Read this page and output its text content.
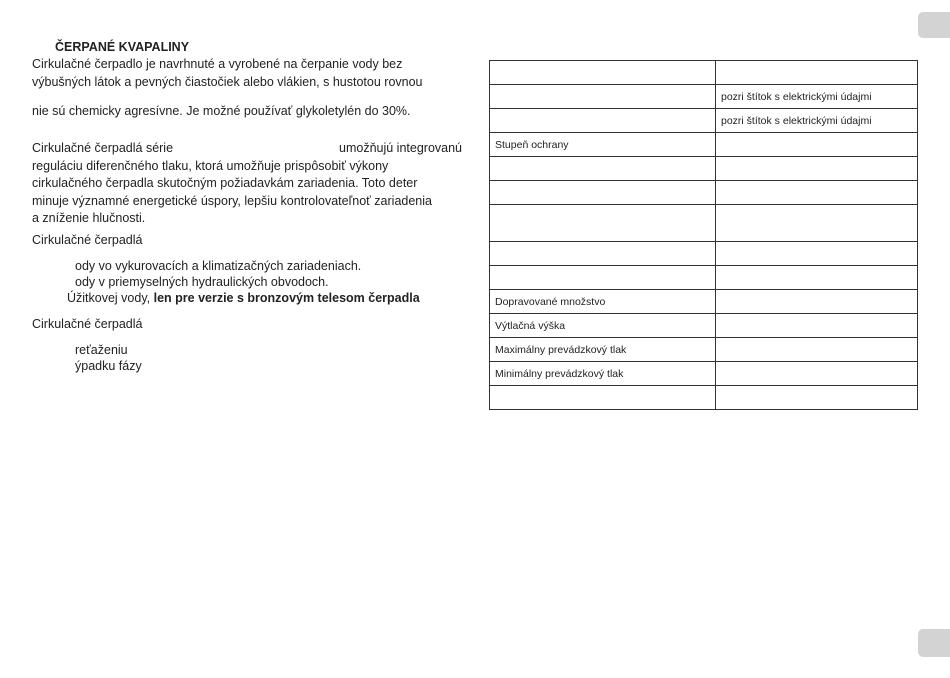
ČERPANÉ KVAPALINY
Cirkulačné čerpadlo je navrhnuté a vyrobené na čerpanie vody bez
výbušných látok a pevných čiastočiek alebo vlákien, s hustotou rovnou
nie sú chemicky agresívne. Je možné používať glykoletylén do 30%.
Cirkulačné čerpadlá série	umožňujú integrovanú
reguláciu diferenčného tlaku, ktorá umožňuje prispôsobiť výkony
cirkulačného čerpadla skutočným požiadavkám zariadenia. Toto deter
minuje významné energetické úspory, lepšiu kontrolovateľnoť zariadenia
a zníženie hlučnosti.
Cirkulačné čerpadlá
ody vo vykurovacích a klimatizačných zariadeniach.
ody v priemyselných hydraulických obvodoch.
Úžitkovej vody, len pre verzie s bronzovým telesom čerpadla
Cirkulačné čerpadlá
reťaženiu
ýpadku fázy

	pozri štítok s elektrickými údajmi
	pozri štítok s elektrickými údajmi
Stupeň ochrany	

Dopravované množstvo	
Výtlačná výška	
Maximálny prevádzkový tlak	
Minimálny prevádzkový tlak	
